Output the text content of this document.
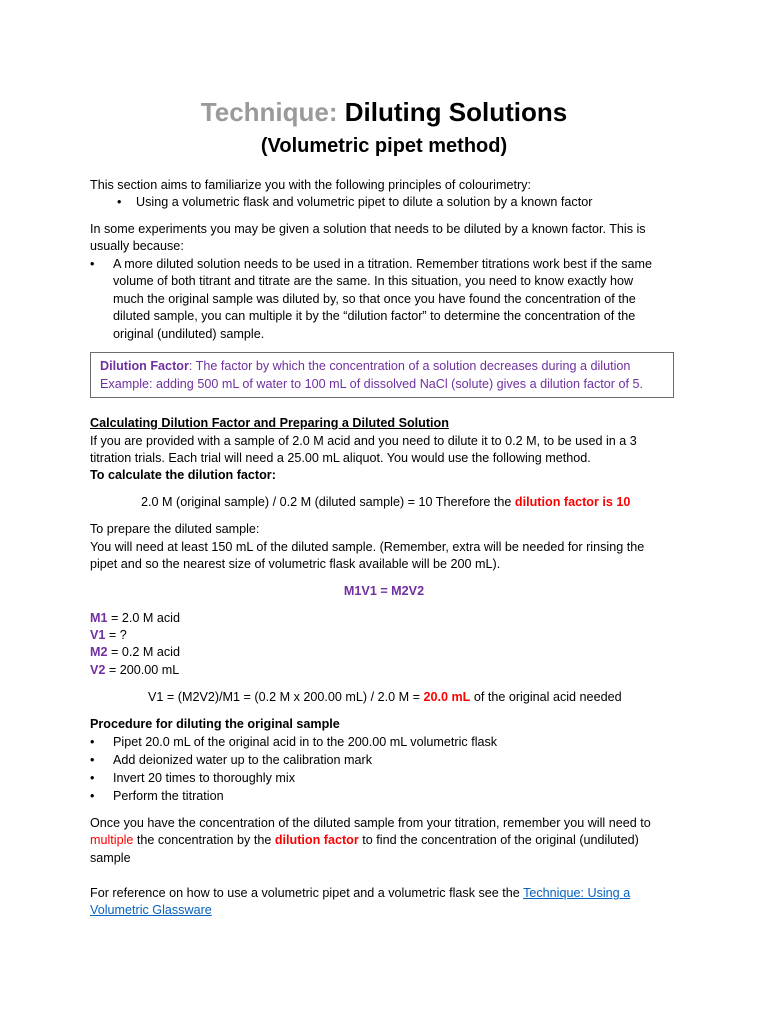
Technique: Diluting Solutions
(Volumetric pipet method)
This section aims to familiarize you with the following principles of colourimetry:
• Using a volumetric flask and volumetric pipet to dilute a solution by a known factor
In some experiments you may be given a solution that needs to be diluted by a known factor. This is
usually because:
• A more diluted solution needs to be used in a titration. Remember titrations work best if the same
volume of both titrant and titrate are the same. In this situation, you need to know exactly how
much the original sample was diluted by, so that once you have found the concentration of the
diluted sample, you can multiple it by the “dilution factor” to determine the concentration of the
original (undiluted) sample.
Dilution Factor: The factor by which the concentration of a solution decreases during a dilution
Example: adding 500 mL of water to 100 mL of dissolved NaCl (solute) gives a dilution factor of 5.
Calculating Dilution Factor and Preparing a Diluted Solution
If you are provided with a sample of 2.0 M acid and you need to dilute it to 0.2 M, to be used in a 3
titration trials. Each trial will need a 25.00 mL aliquot. You would use the following method.
To calculate the dilution factor:
2.0 M (original sample) / 0.2 M (diluted sample) = 10 Therefore the dilution factor is 10
To prepare the diluted sample:
You will need at least 150 mL of the diluted sample. (Remember, extra will be needed for rinsing the
pipet and so the nearest size of volumetric flask available will be 200 mL).
M1V1 = M2V2
M1 = 2.0 M acid
V1 = ?
M2 = 0.2 M acid
V2 = 200.00 mL
V1 = (M2V2)/M1 = (0.2 M x 200.00 mL) / 2.0 M = 20.0 mL of the original acid needed
Procedure for diluting the original sample
• Pipet 20.0 mL of the original acid in to the 200.00 mL volumetric flask
• Add deionized water up to the calibration mark
• Invert 20 times to thoroughly mix
• Perform the titration
Once you have the concentration of the diluted sample from your titration, remember you will need to
multiple the concentration by the dilution factor to find the concentration of the original (undiluted)
sample
For reference on how to use a volumetric pipet and a volumetric flask see the Technique: Using a
Volumetric Glassware
